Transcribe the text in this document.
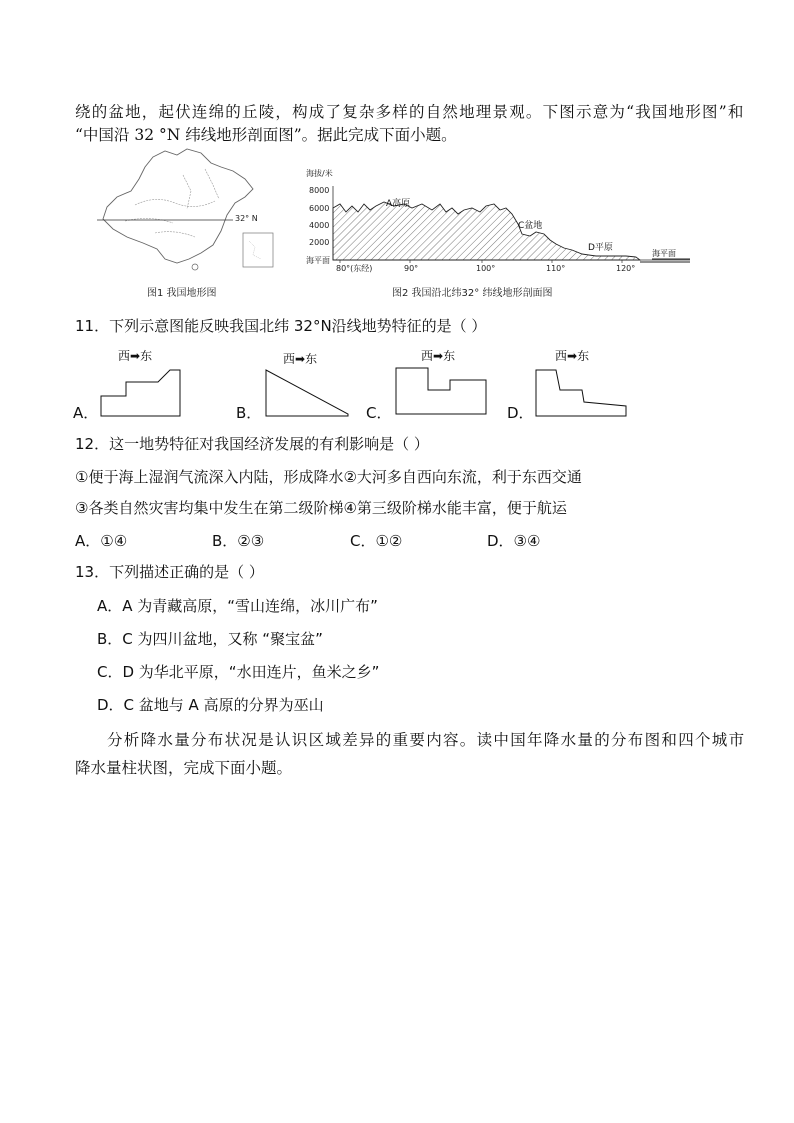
绕的盆地，起伏连绵的丘陵，构成了复杂多样的自然地理景观。下图示意为“我国地形图”和
“中国沿 32 °N 纬线地形剖面图”。据此完成下面小题。
32° N
图1 我国地形图
海拔/米
8000
6000
4000
2000
海平面
80°(东经)	90°	100°	110°	120°
A高原
C盆地
D平原
海平面
图2 我国沿北纬32° 纬线地形剖面图
11．下列示意图能反映我国北纬 32°N沿线地势特征的是（ ）
西➡东
A．
西➡东
B．
西➡东
C．
西➡东
D．
12．这一地势特征对我国经济发展的有利影响是（ ）
①便于海上湿润气流深入内陆，形成降水②大河多自西向东流，利于东西交通
③各类自然灾害均集中发生在第二级阶梯④第三级阶梯水能丰富，便于航运
A．①④	B．②③	C．①②	D．③④
13．下列描述正确的是（ ）
A．A 为青藏高原，“雪山连绵，冰川广布”
B．C 为四川盆地，又称 “聚宝盆”
C．D 为华北平原，“水田连片，鱼米之乡”
D．C 盆地与 A 高原的分界为巫山
分析降水量分布状况是认识区域差异的重要内容。读中国年降水量的分布图和四个城市
降水量柱状图，完成下面小题。
